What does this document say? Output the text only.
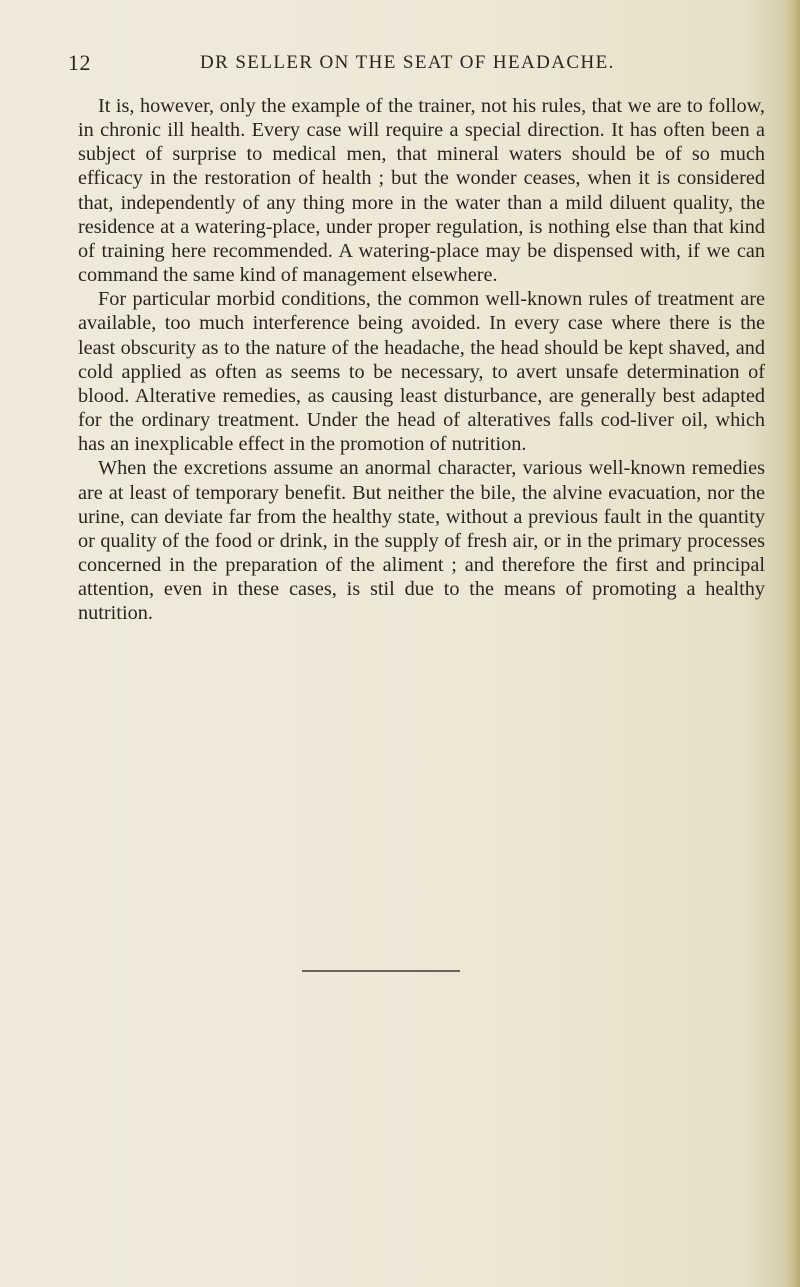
12	DR SELLER ON THE SEAT OF HEADACHE.

It is, however, only the example of the trainer, not his rules, that we are to follow, in chronic ill health. Every case will require a special direction. It has often been a subject of surprise to medical men, that mineral waters should be of so much efficacy in the restoration of health ; but the wonder ceases, when it is considered that, independently of any thing more in the water than a mild diluent quality, the residence at a watering-place, under proper regulation, is nothing else than that kind of training here recommended. A watering-place may be dispensed with, if we can command the same kind of management elsewhere.

For particular morbid conditions, the common well-known rules of treatment are available, too much interference being avoided. In every case where there is the least obscurity as to the nature of the headache, the head should be kept shaved, and cold applied as often as seems to be necessary, to avert unsafe determination of blood. Alterative remedies, as causing least disturbance, are generally best adapted for the ordinary treatment. Under the head of alteratives falls cod-liver oil, which has an inexplicable effect in the promotion of nutrition.

When the excretions assume an anormal character, various well-known remedies are at least of temporary benefit. But neither the bile, the alvine evacuation, nor the urine, can deviate far from the healthy state, without a previous fault in the quantity or quality of the food or drink, in the supply of fresh air, or in the primary processes concerned in the preparation of the aliment ; and therefore the first and principal attention, even in these cases, is stil due to the means of promoting a healthy nutrition.
